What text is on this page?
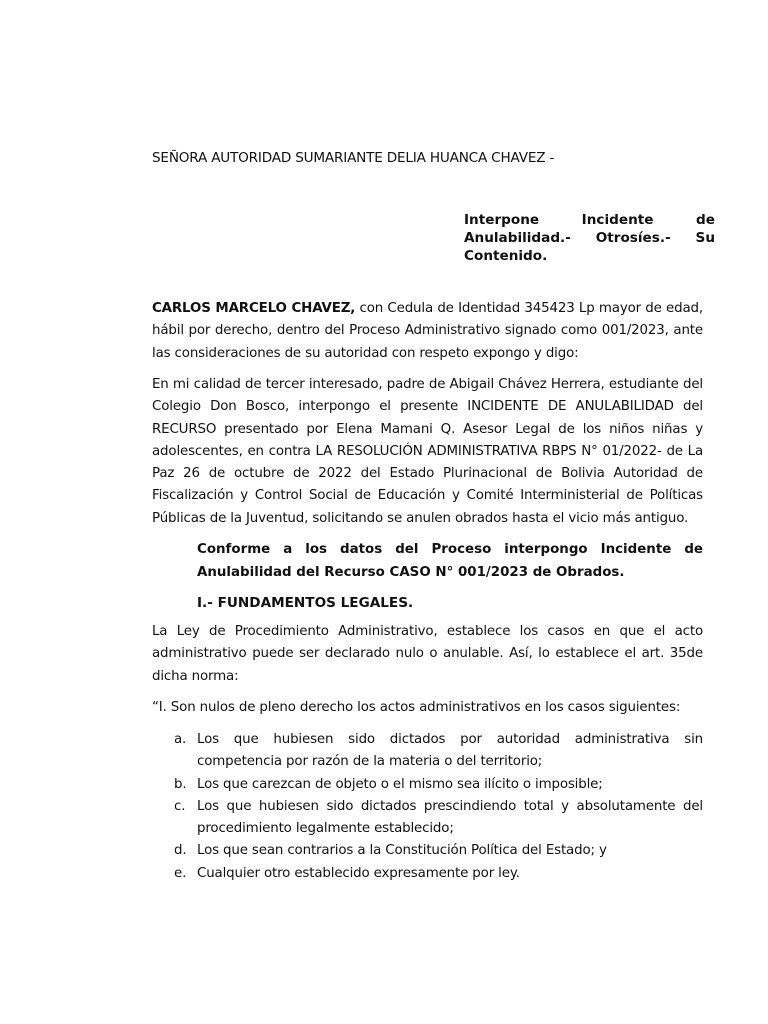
SEÑORA AUTORIDAD SUMARIANTE DELIA HUANCA CHAVEZ -
Interpone Incidente de Anulabilidad.- Otrosíes.- Su Contenido.
CARLOS MARCELO CHAVEZ, con Cedula de Identidad 345423 Lp mayor de edad, hábil por derecho, dentro del Proceso Administrativo signado como 001/2023, ante las consideraciones de su autoridad con respeto expongo y digo:
En mi calidad de tercer interesado, padre de Abigail Chávez Herrera, estudiante del Colegio Don Bosco, interpongo el presente INCIDENTE DE ANULABILIDAD del RECURSO presentado por Elena Mamani Q. Asesor Legal de los niños niñas y adolescentes, en contra LA RESOLUCIÓN ADMINISTRATIVA RBPS N° 01/2022- de La Paz 26 de octubre de 2022 del Estado Plurinacional de Bolivia Autoridad de Fiscalización y Control Social de Educación y Comité Interministerial de Políticas Públicas de la Juventud, solicitando se anulen obrados hasta el vicio más antiguo.
Conforme a los datos del Proceso interpongo Incidente de Anulabilidad del Recurso CASO N° 001/2023 de Obrados.
I.- FUNDAMENTOS LEGALES.
La Ley de Procedimiento Administrativo, establece los casos en que el acto administrativo puede ser declarado nulo o anulable. Así, lo establece el art. 35de dicha norma:
“I. Son nulos de pleno derecho los actos administrativos en los casos siguientes:
a. Los que hubiesen sido dictados por autoridad administrativa sin competencia por razón de la materia o del territorio;
b. Los que carezcan de objeto o el mismo sea ilícito o imposible;
c. Los que hubiesen sido dictados prescindiendo total y absolutamente del procedimiento legalmente establecido;
d. Los que sean contrarios a la Constitución Política del Estado; y
e. Cualquier otro establecido expresamente por ley.
